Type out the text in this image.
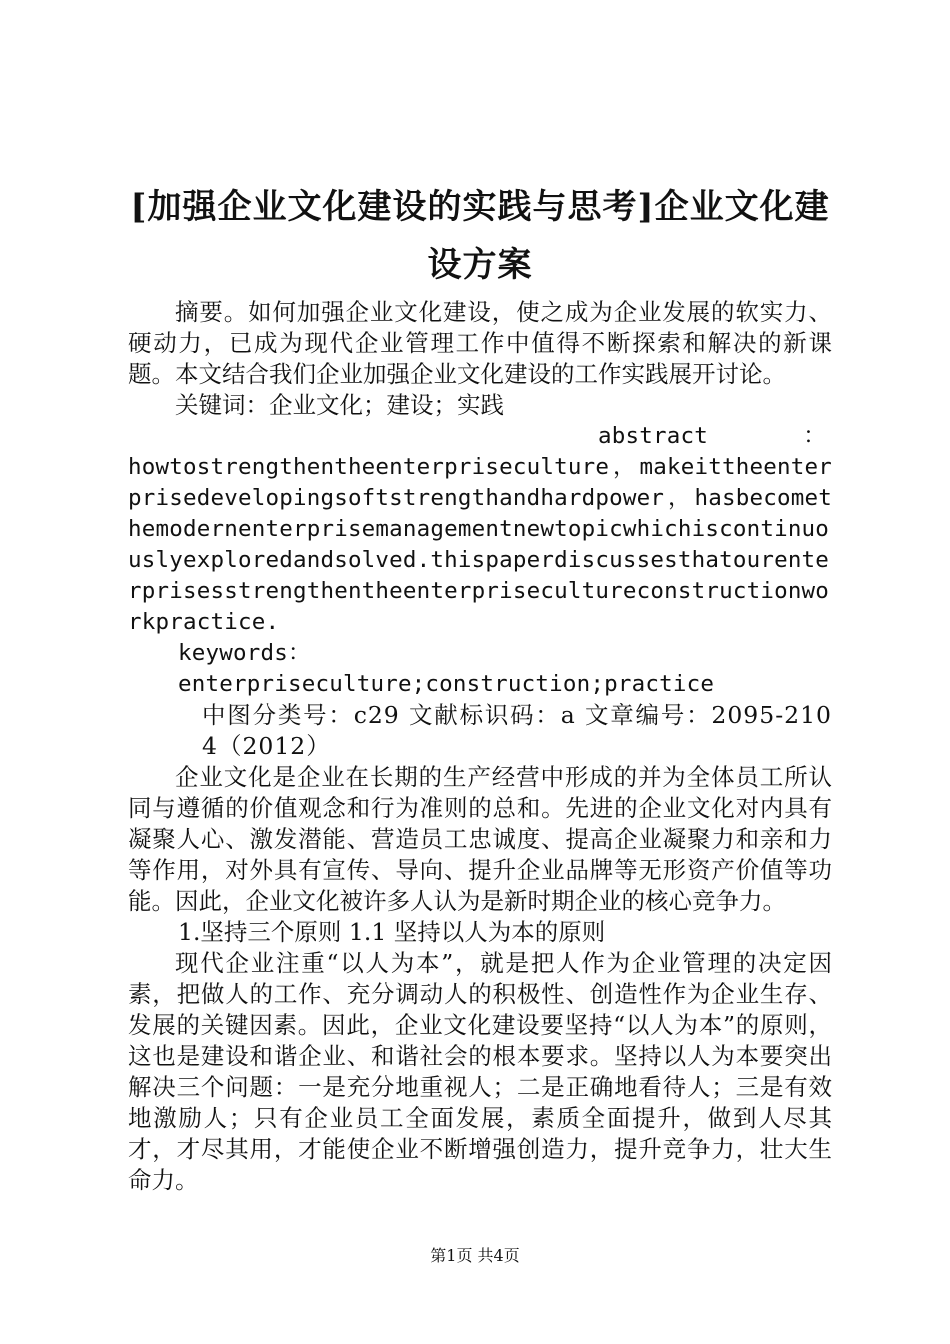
[加强企业文化建设的实践与思考]企业文化建设方案

摘要。如何加强企业文化建设，使之成为企业发展的软实力、硬动力，已成为现代企业管理工作中值得不断探索和解决的新课题。本文结合我们企业加强企业文化建设的工作实践展开讨论。

关键词：企业文化；建设；实践

abstract	：

howtostrengthentheenterpriseculture，makeittheenterprisedevelopingsoftstrengthandhardpower，hasbecomethemodernenterprisemanagementnewtopicwhichiscontinuouslyexploredandsolved.thispaperdiscussesthatourenterprisesstrengthentheenterprisecultureconstructionworkpractice.

keywords：enterpriseculture;construction;practice

中图分类号：c29 文献标识码：a 文章编号：2095-2104（2012）

企业文化是企业在长期的生产经营中形成的并为全体员工所认同与遵循的价值观念和行为准则的总和。先进的企业文化对内具有凝聚人心、激发潜能、营造员工忠诚度、提高企业凝聚力和亲和力等作用，对外具有宣传、导向、提升企业品牌等无形资产价值等功能。因此，企业文化被许多人认为是新时期企业的核心竞争力。

1.坚持三个原则 1.1 坚持以人为本的原则

现代企业注重“以人为本”，就是把人作为企业管理的决定因素，把做人的工作、充分调动人的积极性、创造性作为企业生存、发展的关键因素。因此，企业文化建设要坚持“以人为本”的原则，这也是建设和谐企业、和谐社会的根本要求。坚持以人为本要突出解决三个问题：一是充分地重视人；二是正确地看待人；三是有效地激励人；只有企业员工全面发展，素质全面提升，做到人尽其才，才尽其用，才能使企业不断增强创造力，提升竞争力，壮大生命力。

第1页 共4页
